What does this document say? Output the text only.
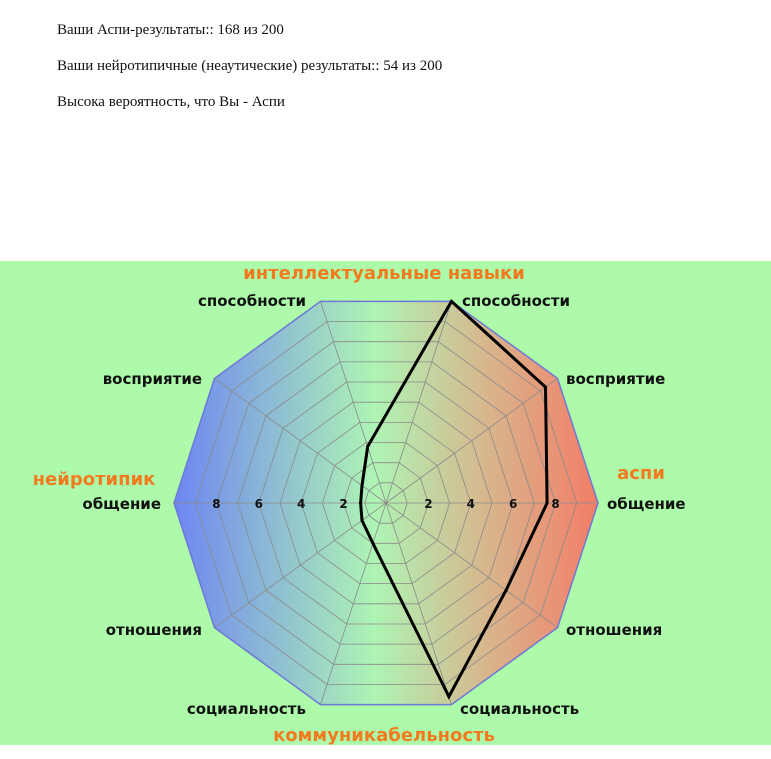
Ваши Аспи-результаты:: 168 из 200
Ваши нейротипичные (неаутические) результаты:: 54 из 200
Высока вероятность, что Вы - Аспи
2
2	4
4	6
6	8
8	общение
восприятие
способности
социальность
отношения
общение
восприятие
способности
социальность
отношения
интеллектуальные навыки
коммуникабельность
нейротипик	аспи
